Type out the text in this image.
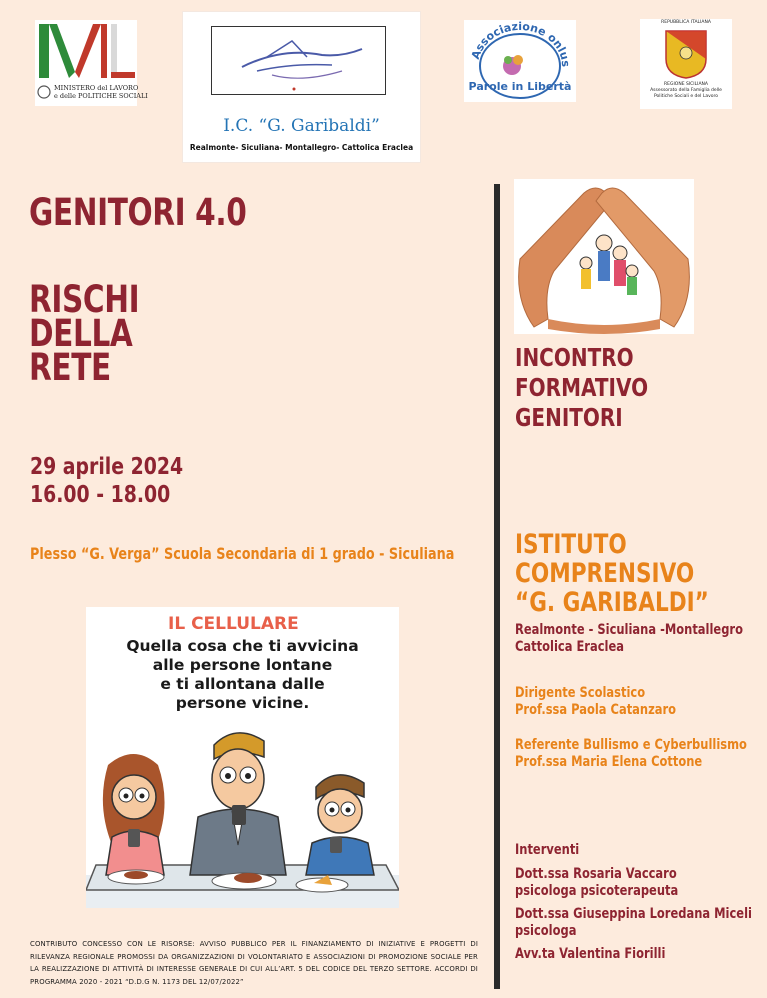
MINISTERO del LAVORO
e delle POLITICHE SOCIALI
I.C. “G. Garibaldi”
Realmonte- Siculiana- Montallegro- Cattolica Eraclea
Associazione onlus
Parole in Libertà
REPUBBLICA ITALIANA
REGIONE SICILIANA
Assessorato della Famiglia delle Politiche Sociali e del Lavoro
GENITORI 4.0
RISCHI
DELLA
RETE
29 aprile 2024
16.00 - 18.00
Plesso “G. Verga” Scuola Secondaria di 1 grado - Siculiana
IL CELLULARE
Quella cosa che ti avvicina
alle persone lontane
e ti allontana dalle
persone vicine.
CONTRIBUTO CONCESSO CON LE RISORSE: AVVISO PUBBLICO PER IL FINANZIAMENTO DI INIZIATIVE E PROGETTI DI RILEVANZA REGIONALE PROMOSSI DA ORGANIZZAZIONI DI VOLONTARIATO E ASSOCIAZIONI DI PROMOZIONE SOCIALE PER LA REALIZZAZIONE DI ATTIVITÀ DI INTERESSE GENERALE DI CUI ALL’ART. 5 DEL CODICE DEL TERZO SETTORE. ACCORDI DI PROGRAMMA 2020 - 2021 “D.D.G N. 1173 DEL 12/07/2022”
INCONTRO
FORMATIVO
GENITORI
ISTITUTO
COMPRENSIVO
“G. GARIBALDI”
Realmonte - Siculiana -Montallegro
Cattolica Eraclea
Dirigente Scolastico
Prof.ssa Paola Catanzaro
Referente Bullismo e Cyberbullismo
Prof.ssa Maria Elena Cottone
Interventi
Dott.ssa Rosaria Vaccaro
psicologa psicoterapeuta
Dott.ssa Giuseppina Loredana Miceli
psicologa
Avv.ta Valentina Fiorilli
